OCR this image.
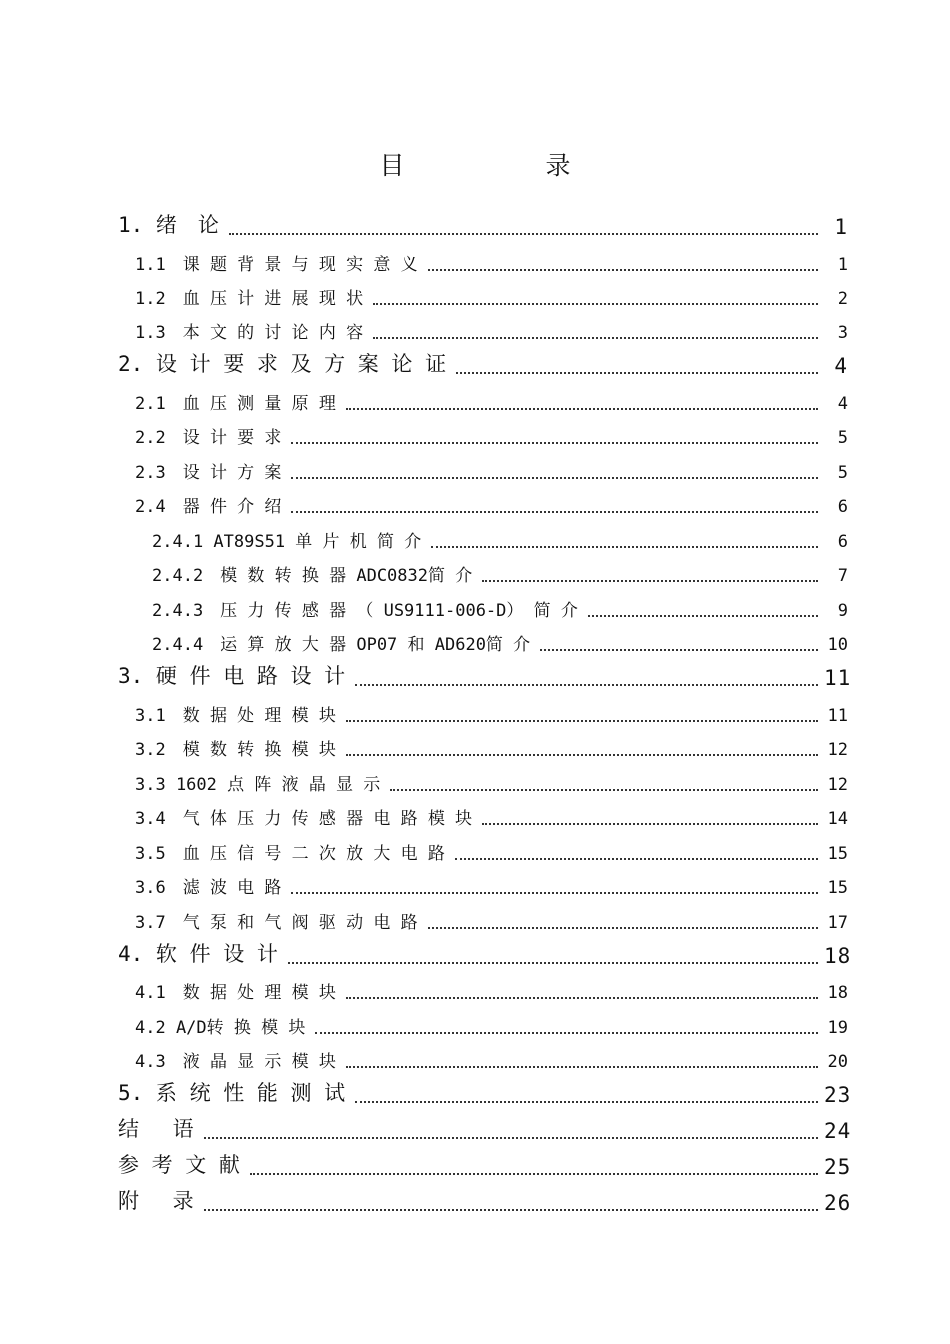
目　录
1. 绪　论	1
1.1　课 题 背 景 与 现 实 意 义	1
1.2　血 压 计 进 展 现 状	2
1.3　本 文 的 讨 论 内 容	3
2. 设 计 要 求 及 方 案 论 证	4
2.1　血 压 测 量 原 理	4
2.2　设 计 要 求	5
2.3　设 计 方 案	5
2.4　器 件 介 绍	6
2.4.1 AT89S51 单 片 机 简 介	6
2.4.2　模 数 转 换 器 ADC0832简 介	7
2.4.3　压 力 传 感 器 （ US9111-006-D） 简 介	9
2.4.4　运 算 放 大 器 OP07 和 AD620简 介	10
3. 硬 件 电 路 设 计	11
3.1　数 据 处 理 模 块	11
3.2　模 数 转 换 模 块	12
3.3 1602 点 阵 液 晶 显 示	12
3.4　气 体 压 力 传 感 器 电 路 模 块	14
3.5　血 压 信 号 二 次 放 大 电 路	15
3.6　滤 波 电 路	15
3.7　气 泵 和 气 阀 驱 动 电 路	17
4. 软 件 设 计	18
4.1　数 据 处 理 模 块	18
4.2 A/D转 换 模 块	19
4.3　液 晶 显 示 模 块	20
5. 系 统 性 能 测 试	23
结　 语	24
参 考 文 献	25
附　 录	26
